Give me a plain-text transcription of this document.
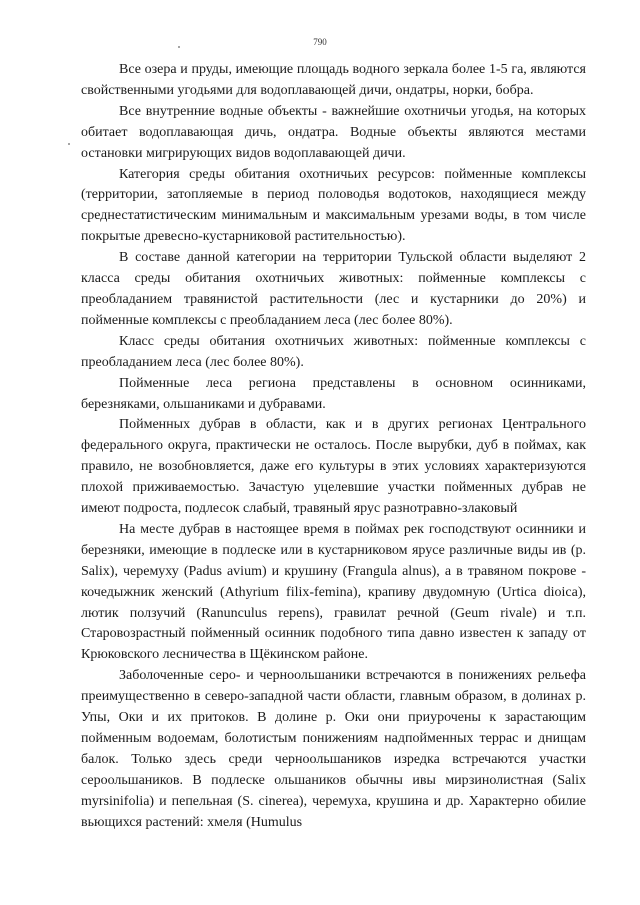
790

Все озера и пруды, имеющие площадь водного зеркала более 1-5 га, являются свойственными угодьями для водоплавающей дичи, ондатры, норки, бобра.

Все внутренние водные объекты - важнейшие охотничьи угодья, на которых обитает водоплавающая дичь, ондатра. Водные объекты являются местами остановки мигрирующих видов водоплавающей дичи.

Категория среды обитания охотничьих ресурсов: пойменные комплексы (территории, затопляемые в период половодья водотоков, находящиеся между среднестатистическим минимальным и максимальным урезами воды, в том числе покрытые древесно-кустарниковой растительностью).

В составе данной категории на территории Тульской области выделяют 2 класса среды обитания охотничьих животных: пойменные комплексы с преобладанием травянистой растительности (лес и кустарники до 20%) и пойменные комплексы с преобладанием леса (лес более 80%).

Класс среды обитания охотничьих животных: пойменные комплексы с преобладанием леса (лес более 80%).

Пойменные леса региона представлены в основном осинниками, березняками, ольшаниками и дубравами.

Пойменных дубрав в области, как и в других регионах Центрального федерального округа, практически не осталось. После вырубки, дуб в поймах, как правило, не возобновляется, даже его культуры в этих условиях характеризуются плохой приживаемостью. Зачастую уцелевшие участки пойменных дубрав не имеют подроста, подлесок слабый, травяный ярус разнотравно-злаковый

На месте дубрав в настоящее время в поймах рек господствуют осинники и березняки, имеющие в подлеске или в кустарниковом ярусе различные виды ив (р. Salix), черемуху (Padus avium) и крушину (Frangula alnus), а в травяном покрове - кочедыжник женский (Athyrium filix-femina), крапиву двудомную (Urtica dioica), лютик ползучий (Ranunculus repens), гравилат речной (Geum rivale) и т.п. Старовозрастный пойменный осинник подобного типа давно известен к западу от Крюковского лесничества в Щёкинском районе.

Заболоченные серо- и черноольшаники встречаются в понижениях рельефа преимущественно в северо-западной части области, главным образом, в долинах р. Упы, Оки и их притоков. В долине р. Оки они приурочены к зарастающим пойменным водоемам, болотистым понижениям надпойменных террас и днищам балок. Только здесь среди черноольшаников изредка встречаются участки сероольшаников. В подлеске ольшаников обычны ивы мирзинолистная (Salix myrsinifolia) и пепельная (S. cinerea), черемуха, крушина и др. Характерно обилие вьющихся растений: хмеля (Humulus
